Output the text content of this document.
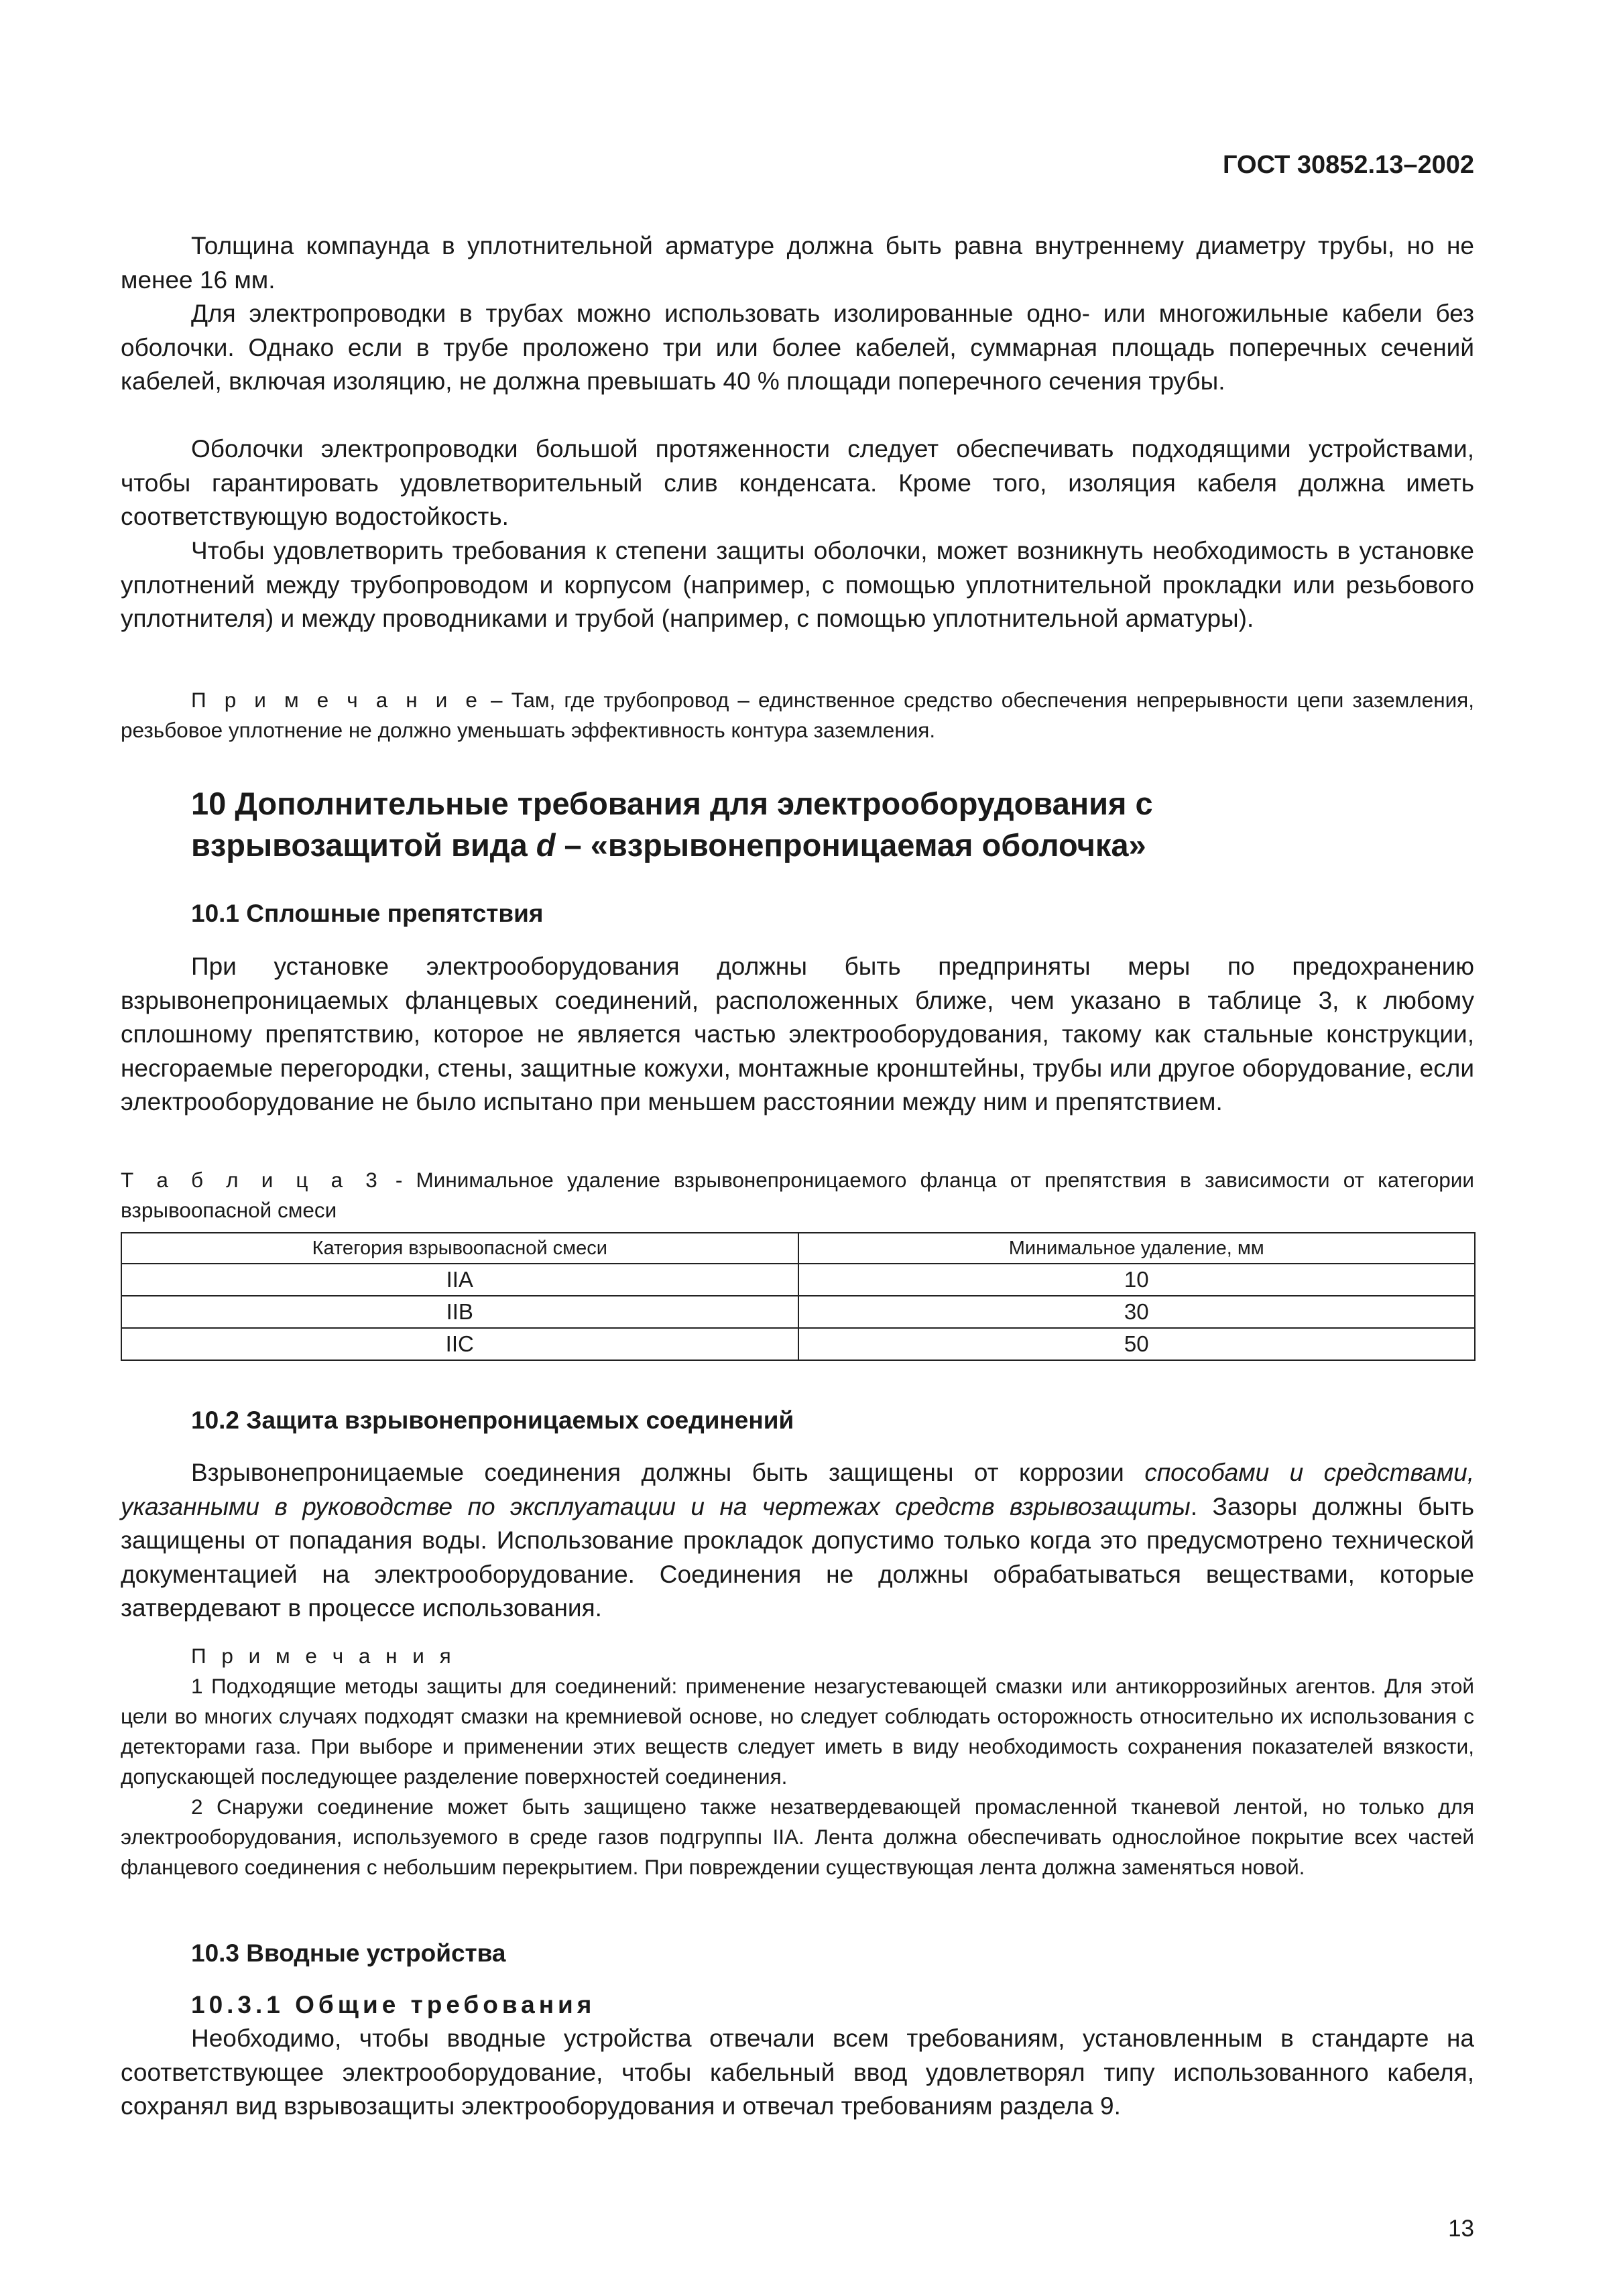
ГОСТ 30852.13–2002

Толщина компаунда в уплотнительной арматуре должна быть равна внутреннему диаметру трубы, но не менее 16 мм.

Для электропроводки в трубах можно использовать изолированные одно- или многожильные кабели без оболочки. Однако если в трубе проложено три или более кабелей, суммарная площадь поперечных сечений кабелей, включая изоляцию, не должна превышать 40 % площади поперечного сечения трубы.

Оболочки электропроводки большой протяженности следует обеспечивать подходящими устройствами, чтобы гарантировать удовлетворительный слив конденсата. Кроме того, изоляция кабеля должна иметь соответствующую водостойкость.

Чтобы удовлетворить требования к степени защиты оболочки, может возникнуть необходимость в установке уплотнений между трубопроводом и корпусом (например, с помощью уплотнительной прокладки или резьбового уплотнителя) и между проводниками и трубой (например, с помощью уплотнительной арматуры).

П р и м е ч а н и е – Там, где трубопровод – единственное средство обеспечения непрерывности цепи заземления, резьбовое уплотнение не должно уменьшать эффективность контура заземления.

10 Дополнительные требования для электрооборудования с
взрывозащитой вида d – «взрывонепроницаемая оболочка»
10.1 Сплошные препятствия

При установке электрооборудования должны быть предприняты меры по предохранению взрывонепроницаемых фланцевых соединений, расположенных ближе, чем указано в таблице 3, к любому сплошному препятствию, которое не является частью электрооборудования, такому как стальные конструкции, несгораемые перегородки, стены, защитные кожухи, монтажные кронштейны, трубы или другое оборудование, если электрооборудование не было испытано при меньшем расстоянии между ним и препятствием.

Т а б л и ц а 3 - Минимальное удаление взрывонепроницаемого фланца от препятствия в зависимости от категории взрывоопасной смеси

Категория взрывоопасной смеси	Минимальное удаление, мм
IIA	10
IIB	30
IIC	50
10.2 Защита взрывонепроницаемых соединений

Взрывонепроницаемые соединения должны быть защищены от коррозии способами и средствами, указанными в руководстве по эксплуатации и на чертежах средств взрывозащиты. Зазоры должны быть защищены от попадания воды. Использование прокладок допустимо только когда это предусмотрено технической документацией на электрооборудование. Соединения не должны обрабатываться веществами, которые затвердевают в процессе использования.

П р и м е ч а н и я

1 Подходящие методы защиты для соединений: применение незагустевающей смазки или антикоррозийных агентов. Для этой цели во многих случаях подходят смазки на кремниевой основе, но следует соблюдать осторожность относительно их использования с детекторами газа. При выборе и применении этих веществ следует иметь в виду необходимость сохранения показателей вязкости, допускающей последующее разделение поверхностей соединения.

2 Снаружи соединение может быть защищено также незатвердевающей промасленной тканевой лентой, но только для электрооборудования, используемого в среде газов подгруппы IIA. Лента должна обеспечивать однослойное покрытие всех частей фланцевого соединения с небольшим перекрытием. При повреждении существующая лента должна заменяться новой.

10.3 Вводные устройства
10.3.1 Общие требования

Необходимо, чтобы вводные устройства отвечали всем требованиям, установленным в стандарте на соответствующее электрооборудование, чтобы кабельный ввод удовлетворял типу использованного кабеля, сохранял вид взрывозащиты электрооборудования и отвечал требованиям раздела 9.

13
